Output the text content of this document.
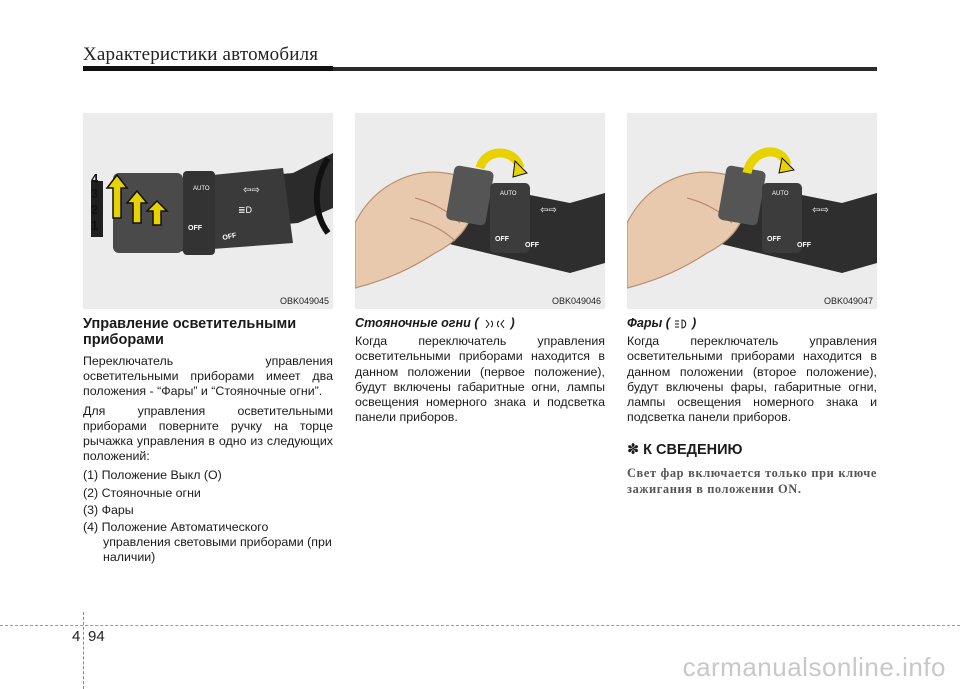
Характеристики автомобиля
4
3
2
1
AUTO
OFF
OFF
⇦⇨
≣D
OBK049045
AUTO
OFF
OFF
⇦⇨
OBK049046
AUTO
OFF
OFF
⇦⇨
OBK049047
Управление осветительными приборами

Переключатель управления осветительными приборами имеет два положения - “Фары” и “Стояночные огни”.

Для управления осветительными приборами поверните ручку на торце рычажка управления в одно из следующих положений:

(1) Положение Выкл (O)
(2) Стояночные огни
(3) Фары
(4) Положение Автоматического управления световыми приборами (при наличии)
Стояночные огни (	)

Когда переключатель управления осветительными приборами находится в данном положении (первое положение), будут включены габаритные огни, лампы освещения номерного знака и подсветка панели приборов.

Фары ( )

Когда переключатель управления осветительными приборами находится в данном положении (второе положение), будут включены фары, габаритные огни, лампы освещения номерного знака и подсветка панели приборов.

✽ К СВЕДЕНИЮ
Свет фар включается только при ключе зажигания в положении ON.
4 94
carmanualsonline.info
